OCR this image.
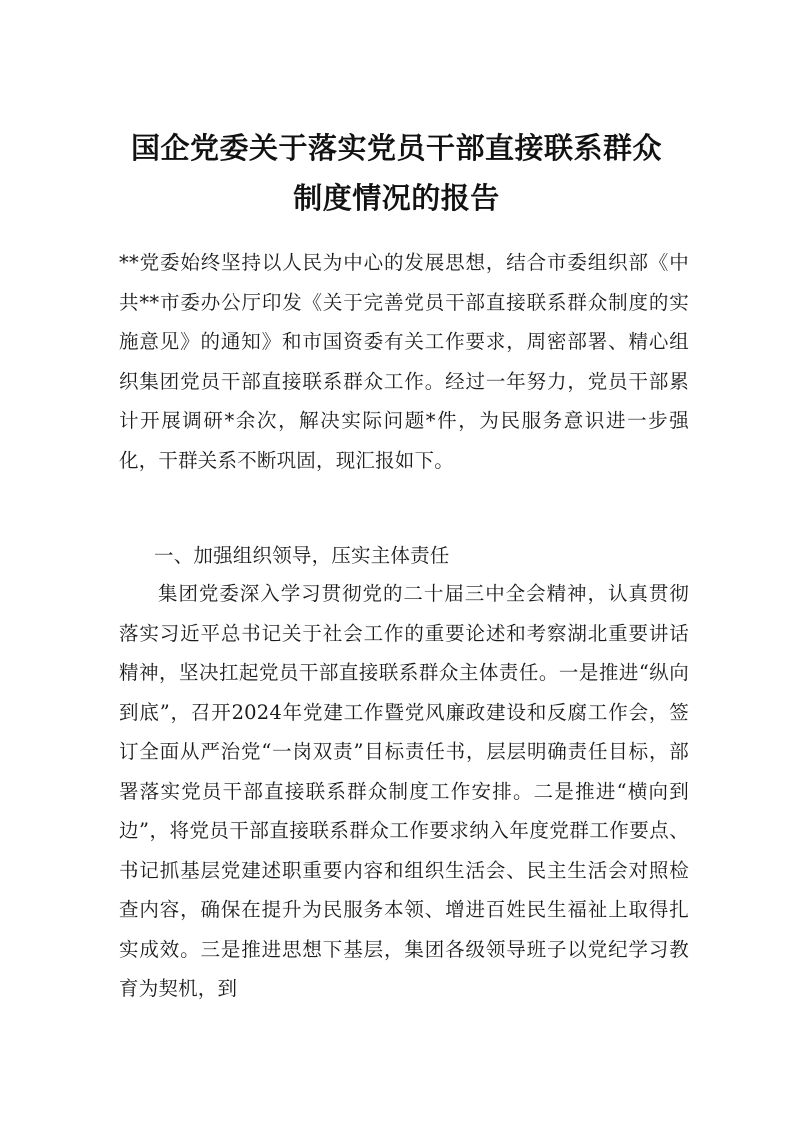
国企党委关于落实党员干部直接联系群众
制度情况的报告

**党委始终坚持以人民为中心的发展思想，结合市委组织部《中共**市委办公厅印发《关于完善党员干部直接联系群众制度的实施意见》的通知》和市国资委有关工作要求，周密部署、精心组织集团党员干部直接联系群众工作。经过一年努力，党员干部累计开展调研*余次，解决实际问题*件，为民服务意识进一步强化，干群关系不断巩固，现汇报如下。

一、加强组织领导，压实主体责任

集团党委深入学习贯彻党的二十届三中全会精神，认真贯彻落实习近平总书记关于社会工作的重要论述和考察湖北重要讲话精神，坚决扛起党员干部直接联系群众主体责任。一是推进“纵向到底”，召开2024年党建工作暨党风廉政建设和反腐工作会，签订全面从严治党“一岗双责”目标责任书，层层明确责任目标，部署落实党员干部直接联系群众制度工作安排。二是推进“横向到边”，将党员干部直接联系群众工作要求纳入年度党群工作要点、书记抓基层党建述职重要内容和组织生活会、民主生活会对照检查内容，确保在提升为民服务本领、增进百姓民生福祉上取得扎实成效。三是推进思想下基层，集团各级领导班子以党纪学习教育为契机，到
